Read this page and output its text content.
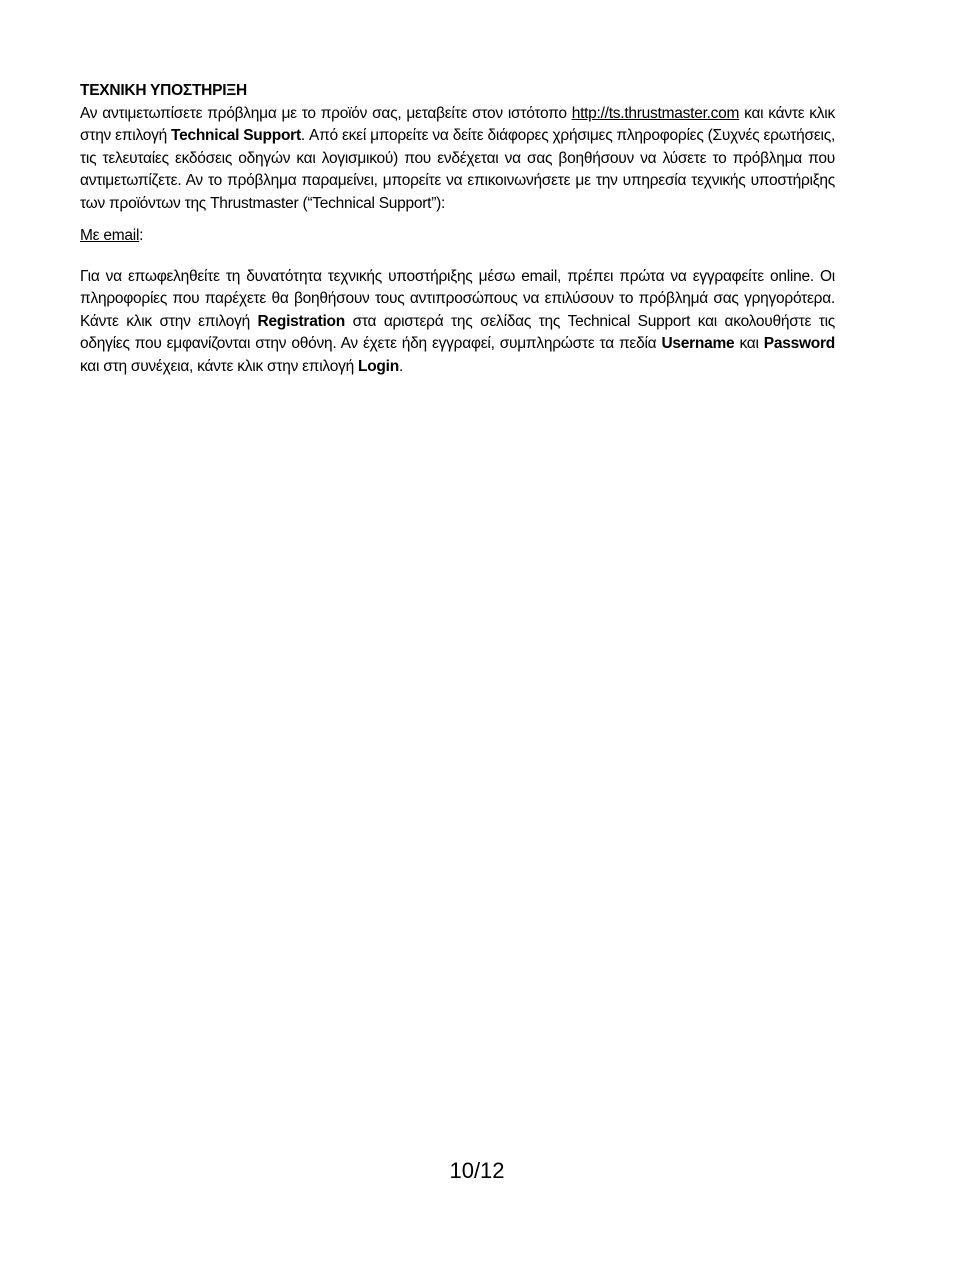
ΤΕΧΝΙΚΗ ΥΠΟΣΤΗΡΙΞΗ

Αν αντιμετωπίσετε πρόβλημα με το προϊόν σας, μεταβείτε στον ιστότοπο http://ts.thrustmaster.com και κάντε κλικ στην επιλογή Technical Support. Από εκεί μπορείτε να δείτε διάφορες χρήσιμες πληροφορίες (Συχνές ερωτήσεις, τις τελευταίες εκδόσεις οδηγών και λογισμικού) που ενδέχεται να σας βοηθήσουν να λύσετε το πρόβλημα που αντιμετωπίζετε. Αν το πρόβλημα παραμείνει, μπορείτε να επικοινωνήσετε με την υπηρεσία τεχνικής υποστήριξης των προϊόντων της Thrustmaster (“Technical Support”):

Με email:

Για να επωφεληθείτε τη δυνατότητα τεχνικής υποστήριξης μέσω email, πρέπει πρώτα να εγγραφείτε online. Οι πληροφορίες που παρέχετε θα βοηθήσουν τους αντιπροσώπους να επιλύσουν το πρόβλημά σας γρηγορότερα. Κάντε κλικ στην επιλογή Registration στα αριστερά της σελίδας της Technical Support και ακολουθήστε τις οδηγίες που εμφανίζονται στην οθόνη. Αν έχετε ήδη εγγραφεί, συμπληρώστε τα πεδία Username και Password και στη συνέχεια, κάντε κλικ στην επιλογή Login.

10/12
